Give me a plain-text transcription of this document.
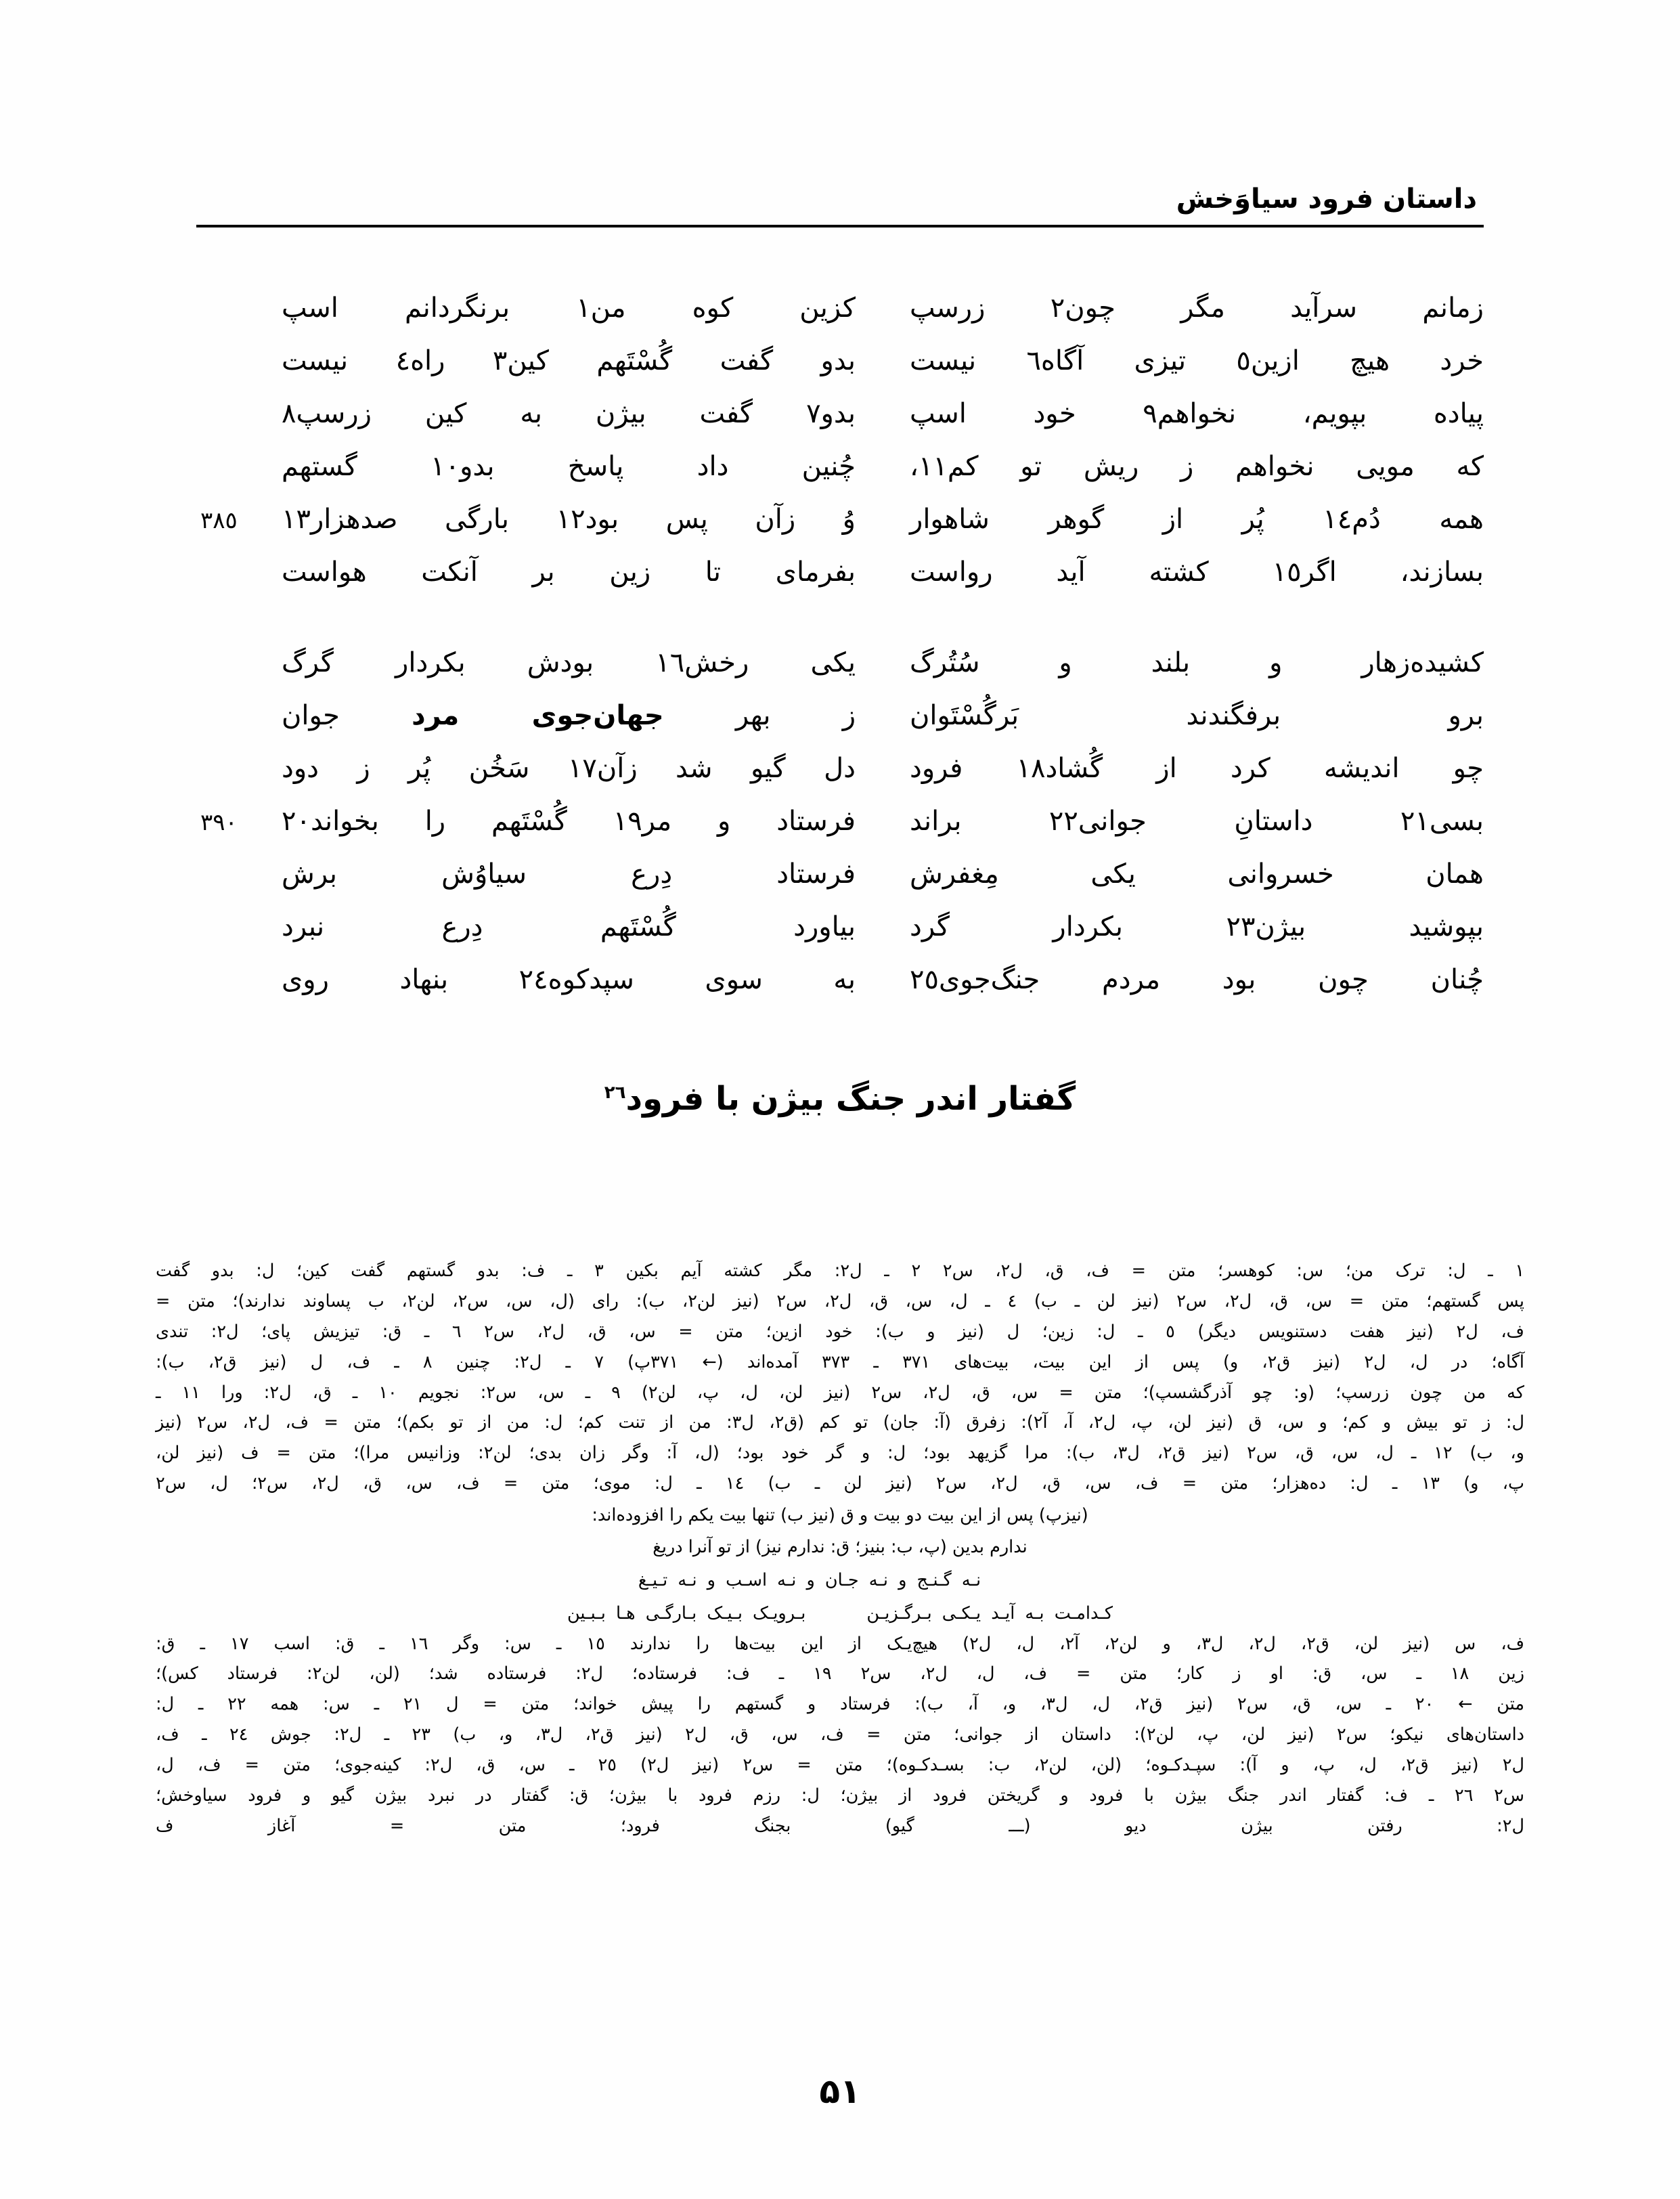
داستان فرود سیاوَخش
زمانم سرآید مگر چون٢ زرسپ
کزین کوه من١ برنگردانم اسپ
خرد هیچ ازین٥ تیزی آگاه٦ نیست
بدو گفت گُسْتَهم کین٣ راه٤ نیست
پیاده بپویم، نخواهم٩ خود اسپ
بدو٧ گفت بیژن به کین زرسپ٨
که مویی نخواهم ز ریش تو کم١١،
چُنین داد پاسخ بدو١٠ گستهم
همه دُم١٤ پُر از گوهر شاهوار
وُ زآن پس بود١٢ بارگی صدهزار١٣
٣٨٥
بسازند، اگر١٥ کشته آید رواست
بفرمای تا زین بر آنکت هواست
کشیده‌زهار و بلند و سُتُرگ
یکی رخش١٦ بودش بکردار گرگ
برو برفگندند بَرگُسْتَوان
ز بهر جهان‌جوی مرد جوان
چو اندیشه کرد از گُشاد١٨ فرود
دل گیو شد زآن١٧ سَخُن پُر ز دود
بسی٢١ داستانِ جوانی٢٢ براند
فرستاد و مر١٩ گُسْتَهم را بخواند٢٠
٣٩٠
همان خسروانی یکی مِغفرش
فرستاد دِرع سیاوُش برش
بپوشید بیژن٢٣ بکردار گرد
بیاورد گُسْتَهم دِرع نبرد
چُنان چون بود مردم جنگ‌جوی٢٥
به سوی سپدکوه٢٤ بنهاد روی
گفتار اندر جنگ بیژن با فرود$^{٢٦}$
١ ـ ل: ترک من؛ س: کوهسر؛ متن = ف، ق، ل٢، س٢ ٢ ـ ل٢: مگر کشته آیم بکین ٣ ـ ف: بدو گستهم گفت کین؛ ل: بدو گفت
پس گستهم؛ متن = س، ق، ل٢، س٢ (نیز لن ـ ب) ٤ ـ ل، س، ق، ل٢، س٢ (نیز لن٢، ب): رای (ل، س، س٢، لن٢، ب پساوند ندارند)؛ متن =
ف، ل٢ (نیز هفت دستنویس دیگر) ٥ ـ ل: زین؛ ل (نیز و ب): خود ازین؛ متن = س، ق، ل٢، س٢ ٦ ـ ق: تیزیش پای؛ ل٢: تندی
آگاه؛ در ل، ل٢ (نیز ق٢، و) پس از این بیت، بیت‌های ٣٧١ ـ ٣٧٣ آمده‌اند (← ٣٧١پ) ٧ ـ ل٢: چنین ٨ ـ ف، ل (نیز ق٢، ب):
که من چون زرسپ؛ (و: چو آذرگشسپ)؛ متن = س، ق، ل٢، س٢ (نیز لن، ل، پ، لن٢) ٩ ـ س، س٢: نجویم ١٠ ـ ق، ل٢: ورا ١١ ـ
ل: ز تو بیش و کم؛ و س، ق (نیز لن، پ، ل٢، آ، آ٢): زفرق (آ: جان) تو کم (ق٢، ل٣: من از تنت کم؛ ل: من از تو بکم)؛ متن = ف، ل٢، س٢ (نیز
و، ب) ١٢ ـ ل، س، ق، س٢ (نیز ق٢، ل٣، ب): مرا گزیهد بود؛ ل: و گر خود بود؛ (ل، آ: وگر زان بدی؛ لن٢: وزانیس مرا)؛ متن = ف (نیز لن،
پ، و) ١٣ ـ ل: ده‌هزار؛ متن = ف، س، ق، ل٢، س٢ (نیز لن ـ ب) ١٤ ـ ل: موی؛ متن = ف، س، ق، ل٢، س٢؛ ل، س٢
(نیزپ) پس از این بیت دو بیت و ق (نیز ب) تنها بیت یکم را افزوده‌اند:
ندارم بدین (پ، ب: بنیز؛ ق: ندارم نیز) از تو آنرا دریغ
نـه گـنـج و نـه جـان و نـه اسـب و نـه تـیـغ
کـدامـت بـه آیـد یـکـی بـرگـزیـن
بـرویـک بـیـک بـارگـی هـا بـبـین
ف، س (نیز لن، ق٢، ل٢، ل٣، و لن٢، آ٢، ل، ل٢) هیچ‌یـک از این بیت‌ها را ندارند ١٥ ـ س: وگر ١٦ ـ ق: اسب ١٧ ـ ق:
زین ١٨ ـ س، ق: او ز کار؛ متن = ف، ل، ل٢، س٢ ١٩ ـ ف: فرستاده؛ ل٢: فرستاده شد؛ (لن، لن٢: فرستاد کس)؛
متن ← ٢٠ ـ س، ق، س٢ (نیز ق٢، ل، ل٣، و، آ، ب): فرستاد و گستهم را پیش خواند؛ متن = ل ٢١ ـ س: همه ٢٢ ـ ل:
داستان‌های نیکو؛ س٢ (نیز لن، پ، لن٢): داستان از جوانی؛ متن = ف، س، ق، ل٢ (نیز ق٢، ل٣، و، ب) ٢٣ ـ ل٢: جوش ٢٤ ـ ف،
ل٢ (نیز ق٢، ل، پ، و آ): سپـدکـوه؛ (لن، لن٢، ب: بسـدکـوه)؛ متن = س٢ (نیز ل٢) ٢٥ ـ س، ق، ل٢: کینه‌جوی؛ متن = ف، ل،
س٢ ٢٦ ـ ف: گفتار اندر جنگ بیژن با فرود و گریختن فرود از بیژن؛ ل: رزم فرود با بیژن؛ ق: گفتار در نبرد بیژن گیو و فرود سیاوخش؛
ل٢: رفتن بیژن دیو (ـــ گیو) بجنگ فرود؛ متن = آغاز ف
۵۱
